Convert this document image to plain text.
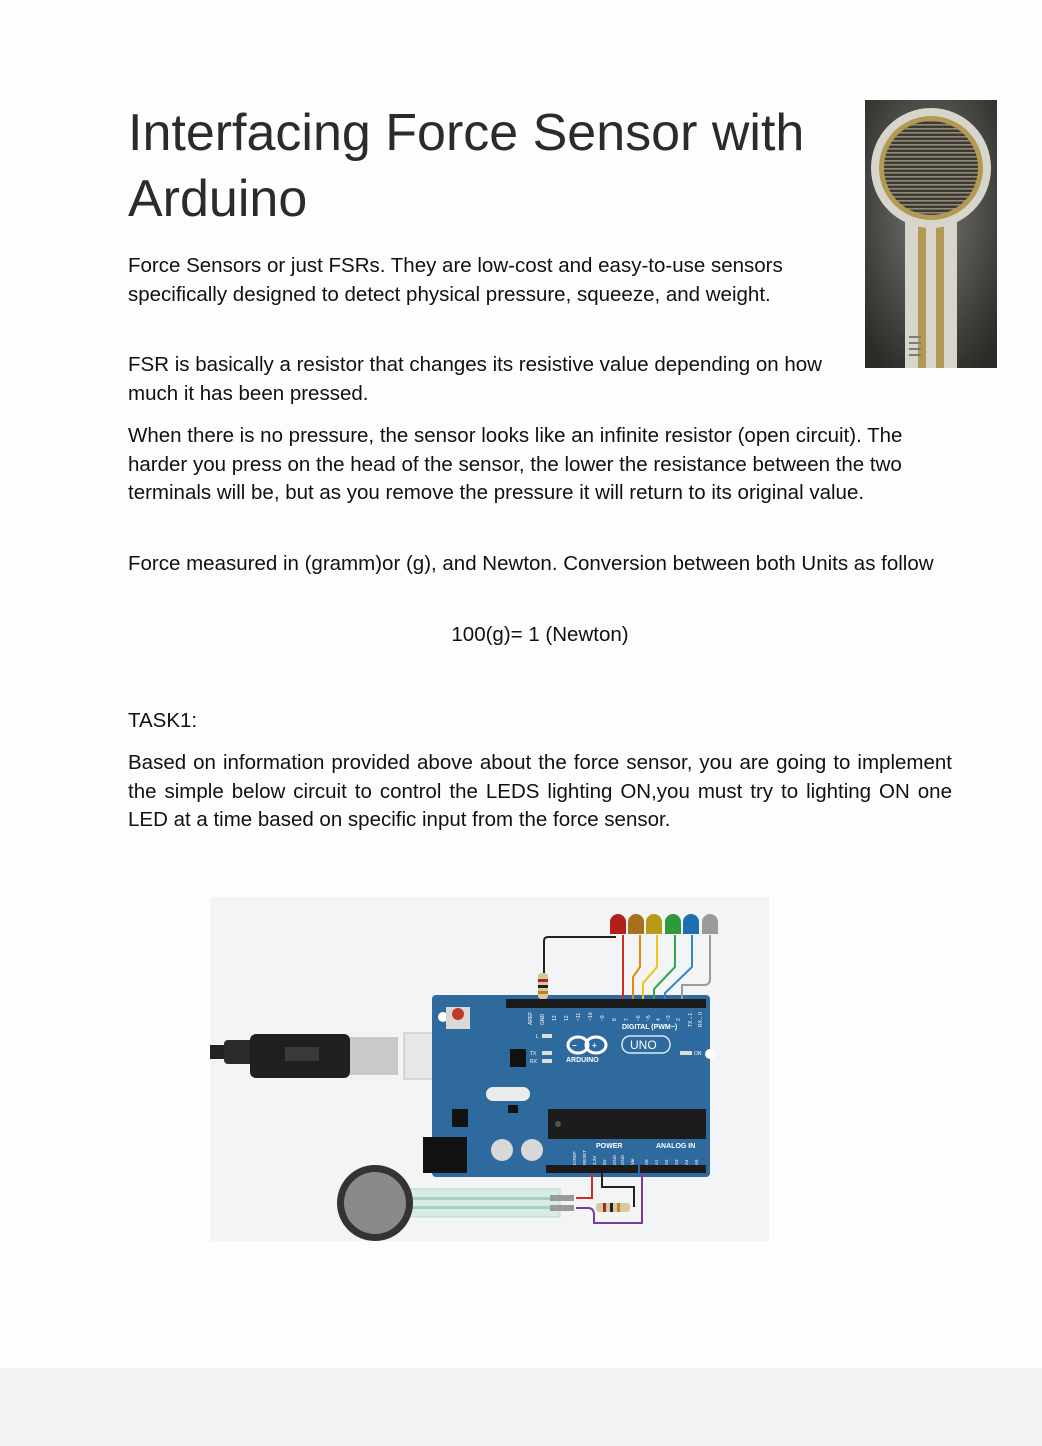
Interfacing Force Sensor with Arduino

Force Sensors or just FSRs. They are low-cost and easy-to-use sensors specifically designed to detect physical pressure, squeeze, and weight.

FSR is basically a resistor that changes its resistive value depending on how much it has been pressed.

When there is no pressure, the sensor looks like an infinite resistor (open circuit). The harder you press on the head of the sensor, the lower the resistance between the two terminals will be, but as you remove the pressure it will return to its original value.

Force measured in (gramm)or (g), and Newton. Conversion between both Units as follow

100(g)= 1 (Newton)

TASK1:

Based on information provided above about the force sensor, you are going to implement the simple below circuit to control the LEDS lighting ON,you must try to lighting ON one LED at a time based on specific input from the force sensor.

AREF GND 13 12 ~11 ~10 ~9 8 7 ~6 ~5 4 ~3 2 TX→1 RX←0
DIGITAL (PWM~)
− +
ARDUINO
UNO
ON
L
TX
RX
POWER	ANALOG IN
IOREF RESET 3.3V 5V GND GND Vin A0 A1 A2 A3 A4 A5
